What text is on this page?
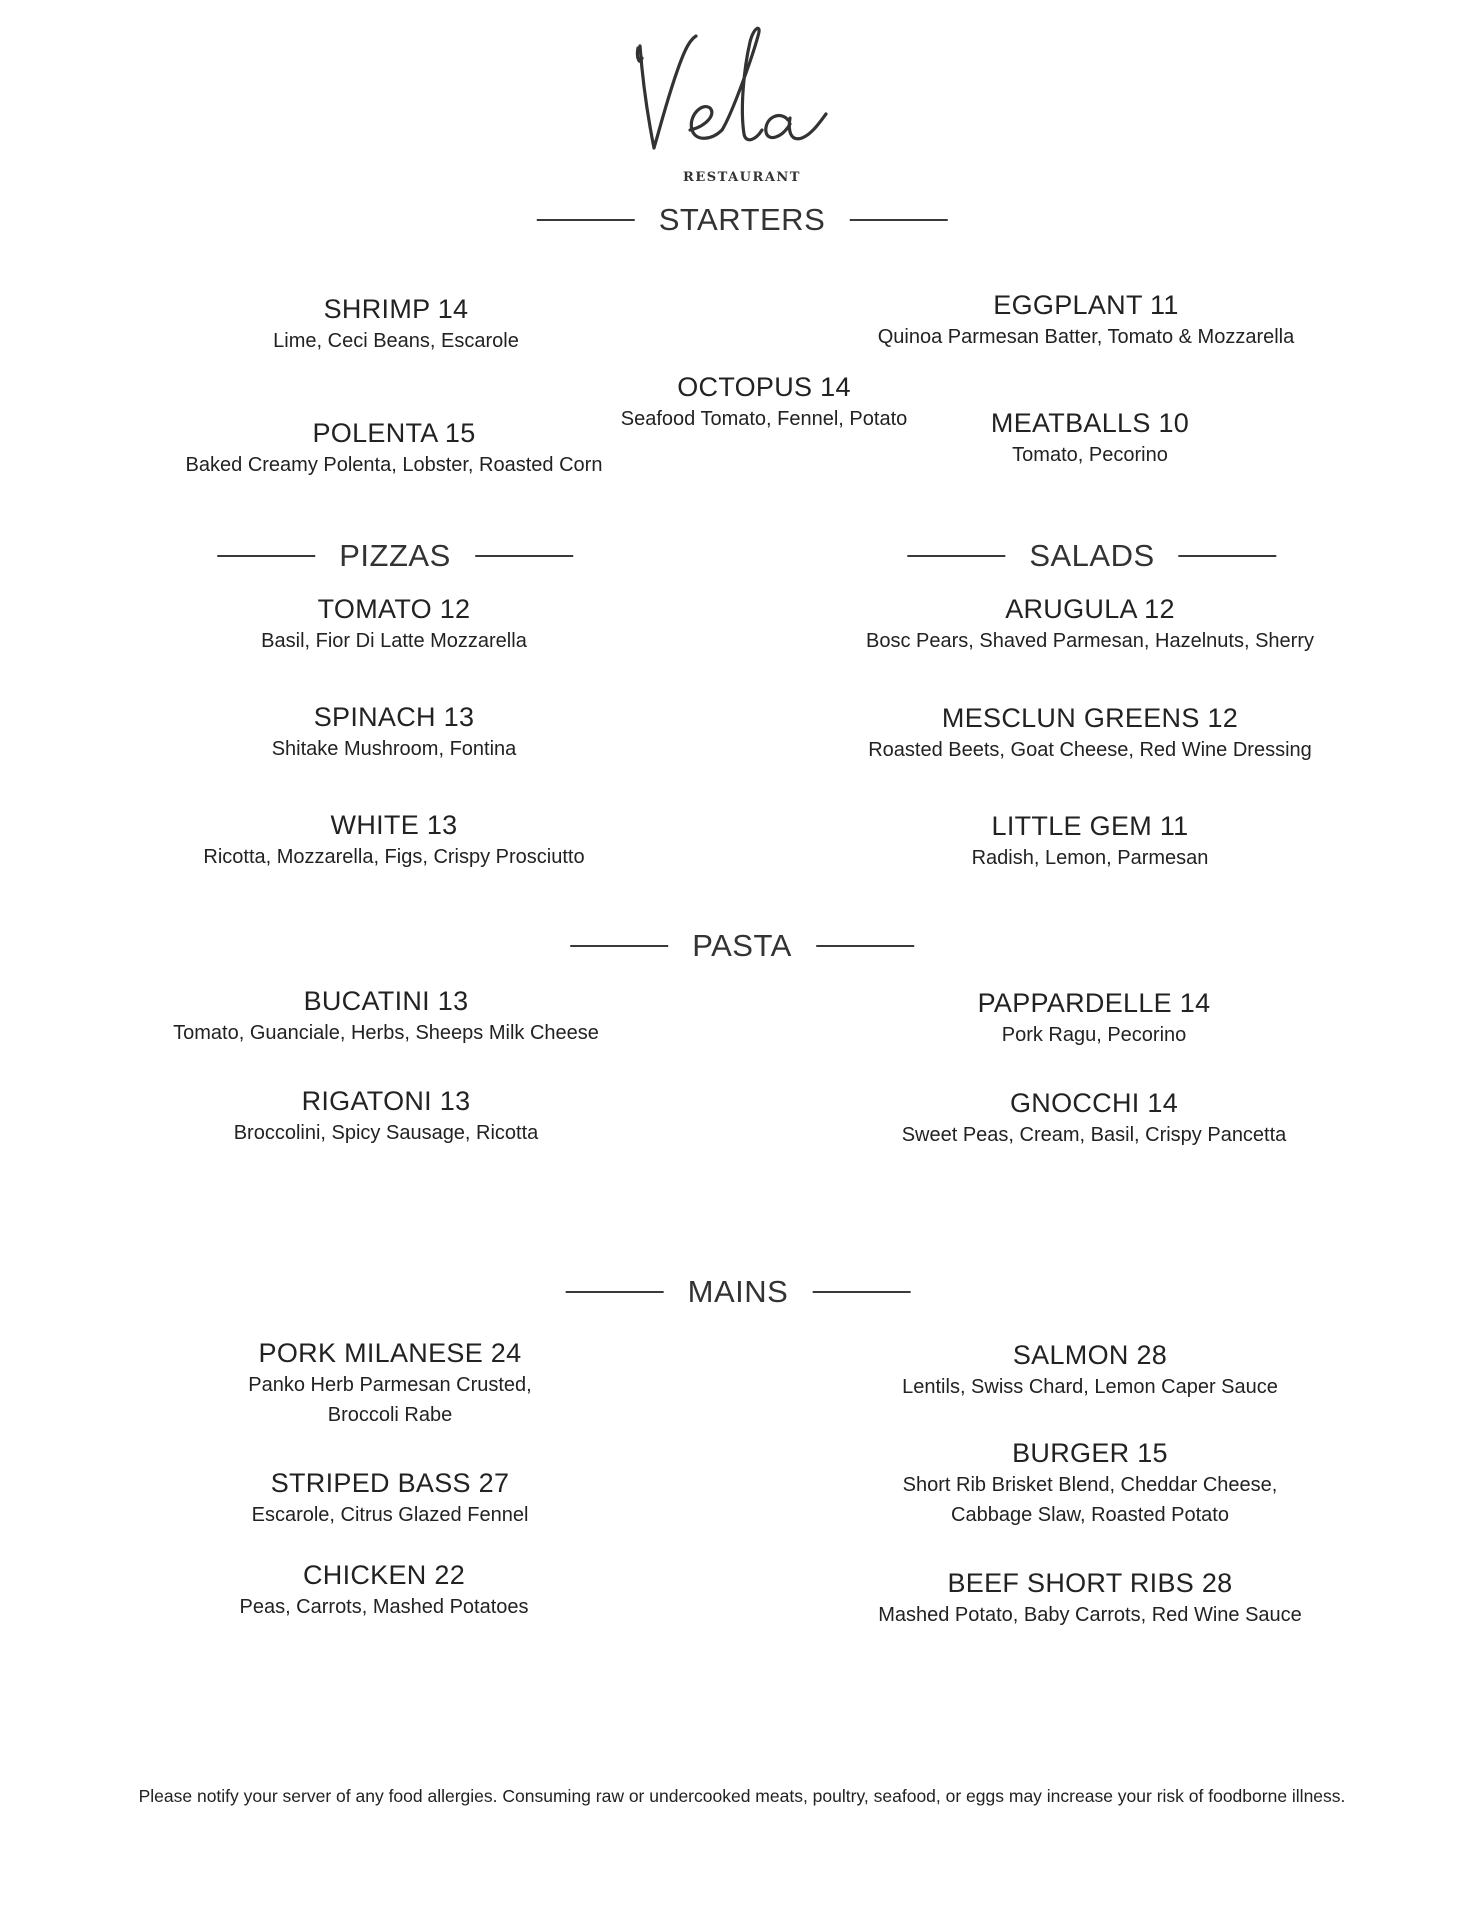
RESTAURANT
STARTERS
SHRIMP 14
Lime, Ceci Beans, Escarole
EGGPLANT 11
Quinoa Parmesan Batter, Tomato & Mozzarella
OCTOPUS 14
Seafood Tomato, Fennel, Potato
POLENTA 15
Baked Creamy Polenta, Lobster, Roasted Corn
MEATBALLS 10
Tomato, Pecorino
PIZZAS	SALADS
TOMATO 12
Basil, Fior Di Latte Mozzarella
SPINACH 13
Shitake Mushroom, Fontina
WHITE 13
Ricotta, Mozzarella, Figs, Crispy Prosciutto
ARUGULA 12
Bosc Pears, Shaved Parmesan, Hazelnuts, Sherry
MESCLUN GREENS 12
Roasted Beets, Goat Cheese, Red Wine Dressing
LITTLE GEM 11
Radish, Lemon, Parmesan
PASTA
BUCATINI 13
Tomato, Guanciale, Herbs, Sheeps Milk Cheese
PAPPARDELLE 14
Pork Ragu, Pecorino
RIGATONI 13
Broccolini, Spicy Sausage, Ricotta
GNOCCHI 14
Sweet Peas, Cream, Basil, Crispy Pancetta
MAINS
PORK MILANESE 24
Panko Herb Parmesan Crusted,
Broccoli Rabe
STRIPED BASS 27
Escarole, Citrus Glazed Fennel
CHICKEN 22
Peas, Carrots, Mashed Potatoes
SALMON 28
Lentils, Swiss Chard, Lemon Caper Sauce
BURGER 15
Short Rib Brisket Blend, Cheddar Cheese,
Cabbage Slaw, Roasted Potato
BEEF SHORT RIBS 28
Mashed Potato, Baby Carrots, Red Wine Sauce
Please notify your server of any food allergies. Consuming raw or undercooked meats, poultry, seafood, or eggs may increase your risk of foodborne illness.
